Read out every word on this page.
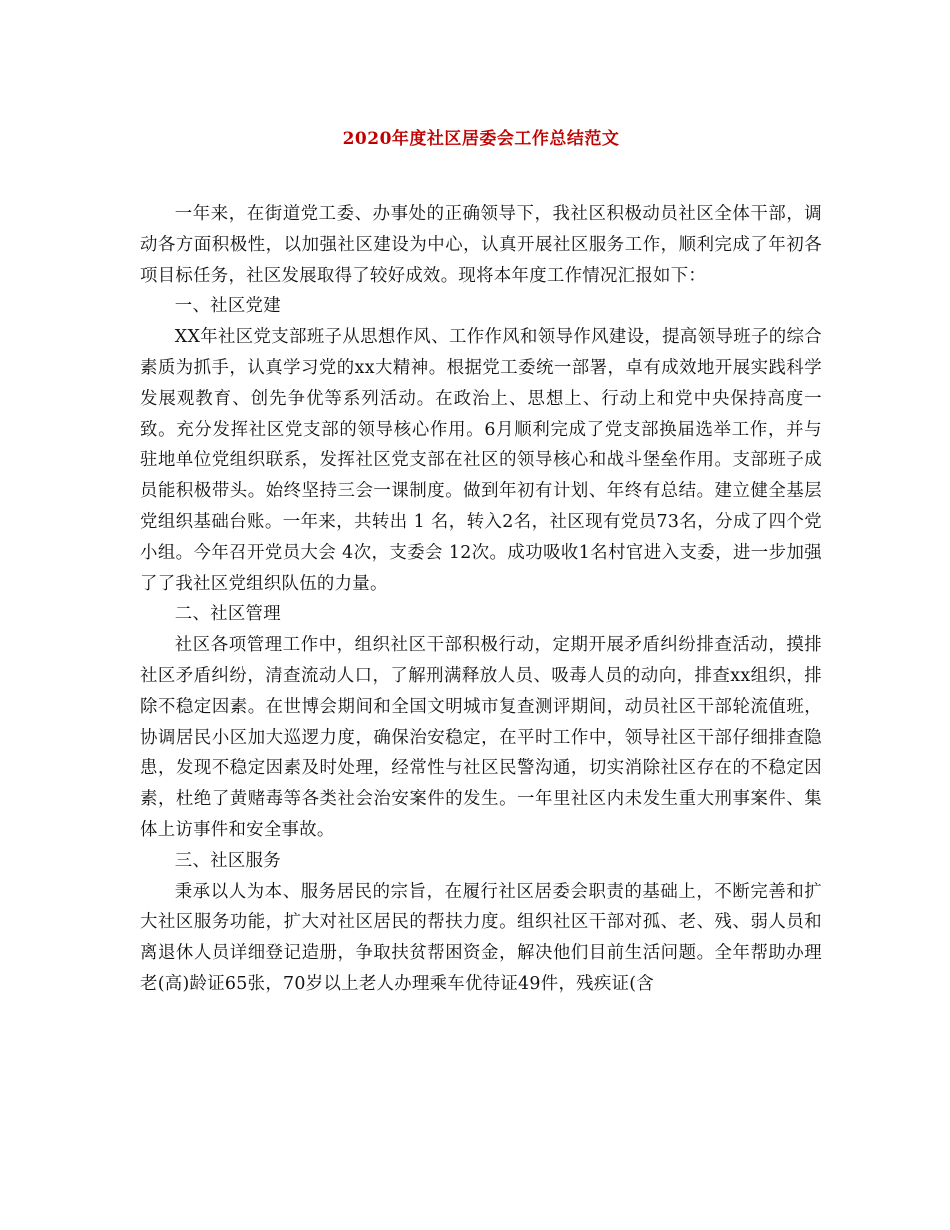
2020年度社区居委会工作总结范文

一年来，在街道党工委、办事处的正确领导下，我社区积极动员社区全体干部，调动各方面积极性，以加强社区建设为中心，认真开展社区服务工作，顺利完成了年初各项目标任务，社区发展取得了较好成效。现将本年度工作情况汇报如下：

一、社区党建

XX年社区党支部班子从思想作风、工作作风和领导作风建设，提高领导班子的综合素质为抓手，认真学习党的xx大精神。根据党工委统一部署，卓有成效地开展实践科学发展观教育、创先争优等系列活动。在政治上、思想上、行动上和党中央保持高度一致。充分发挥社区党支部的领导核心作用。6月顺利完成了党支部换届选举工作，并与驻地单位党组织联系，发挥社区党支部在社区的领导核心和战斗堡垒作用。支部班子成员能积极带头。始终坚持三会一课制度。做到年初有计划、年终有总结。建立健全基层党组织基础台账。一年来，共转出 1 名，转入2名，社区现有党员73名，分成了四个党小组。今年召开党员大会 4次，支委会 12次。成功吸收1名村官进入支委，进一步加强了了我社区党组织队伍的力量。

二、社区管理

社区各项管理工作中，组织社区干部积极行动，定期开展矛盾纠纷排查活动，摸排社区矛盾纠纷，清查流动人口，了解刑满释放人员、吸毒人员的动向，排查xx组织，排除不稳定因素。在世博会期间和全国文明城市复查测评期间，动员社区干部轮流值班，协调居民小区加大巡逻力度，确保治安稳定，在平时工作中，领导社区干部仔细排查隐患，发现不稳定因素及时处理，经常性与社区民警沟通，切实消除社区存在的不稳定因素，杜绝了黄赌毒等各类社会治安案件的发生。一年里社区内未发生重大刑事案件、集体上访事件和安全事故。

三、社区服务

秉承以人为本、服务居民的宗旨，在履行社区居委会职责的基础上，不断完善和扩大社区服务功能，扩大对社区居民的帮扶力度。组织社区干部对孤、老、残、弱人员和离退休人员详细登记造册，争取扶贫帮困资金，解决他们目前生活问题。全年帮助办理老(高)龄证65张，70岁以上老人办理乘车优待证49件，残疾证(含
